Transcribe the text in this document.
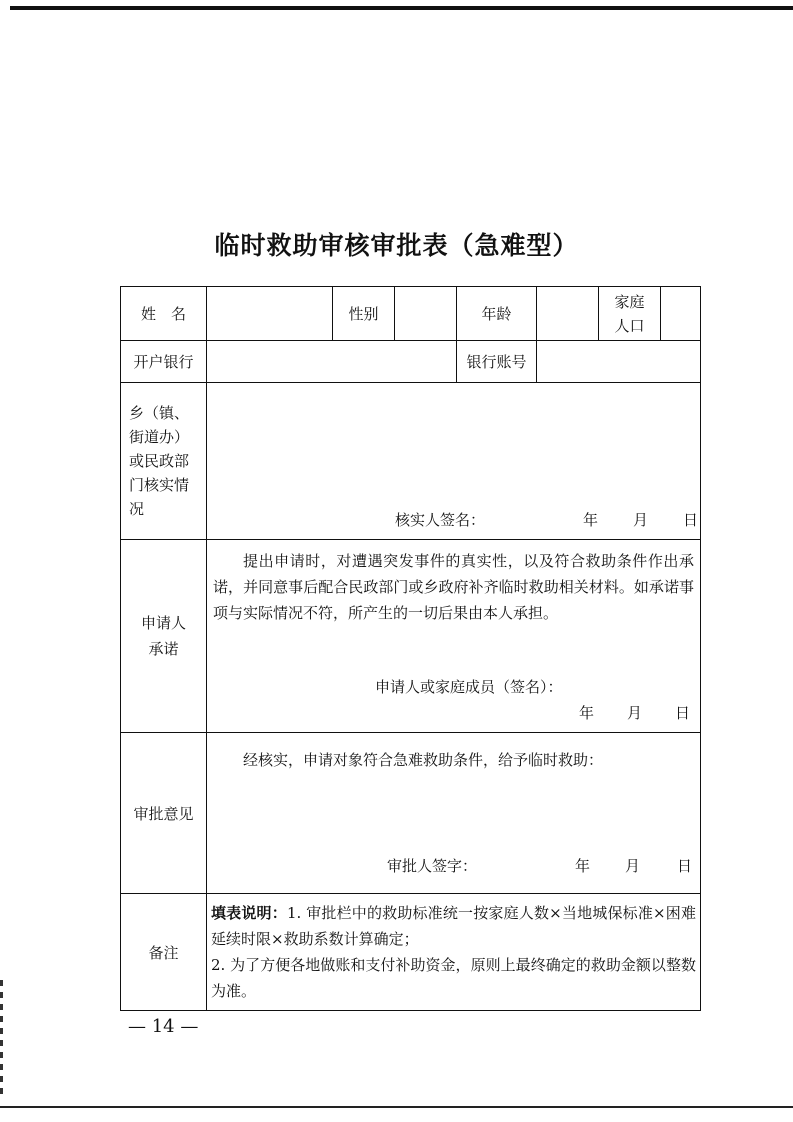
临时救助审核审批表（急难型）
姓　名		性别		年龄		家庭人口	
开户银行				银行账号			
乡（镇、街道办）或民政部门核实情况	核实人签名： 年 月 日						

申请人承诺	提出申请时，对遭遇突发事件的真实性，以及符合救助条件作出承诺，并同意事后配合民政部门或乡政府补齐临时救助相关材料。如承诺事项与实际情况不符，所产生的一切后果由本人承担。
申请人或家庭成员（签名）：
年 月 日						

审批意见	经核实，申请对象符合急难救助条件，给予临时救助：
审批人签字： 年 月 日						

备注	填表说明：1. 审批栏中的救助标准统一按家庭人数×当地城保标准×困难延续时限×救助系数计算确定；
2. 为了方便各地做账和支付补助资金，原则上最终确定的救助金额以整数为准。						
— 14 —
